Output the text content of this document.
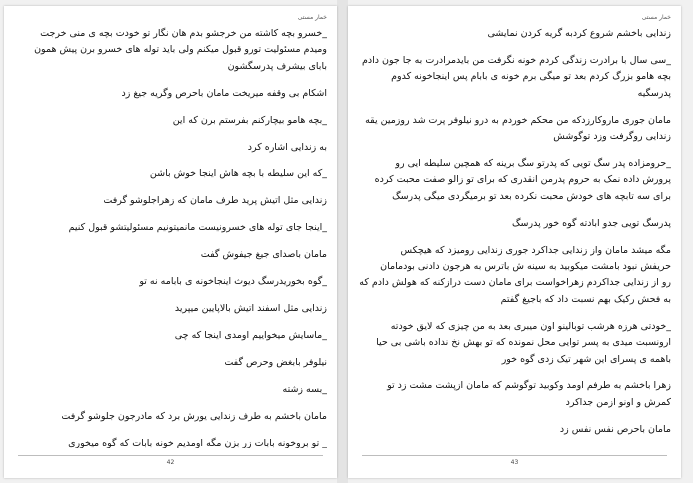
خمار مستی

_خسرو بچه کاشته من خرجشو بدم هان نگار تو خودت بچه ی منی خرجت
ومیدم مسئولیت تورو قبول میکنم ولی باید توله های خسرو برن پیش همون
بابای بیشرف پدرسگشون

اشکام بی وقفه میریخت مامان باحرص وگریه جیغ زد

_بچه هامو بیچارکنم بفرستم برن که این

به زندایی اشاره کرد

_که این سلیطه با بچه هاش اینجا خوش باشن

زندایی مثل اتیش پرید طرف مامان که زهراجلوشو گرفت

_اینجا جای توله های خسرونیست مانمیتونیم مسئولیتشو قبول کنیم

مامان باصدای جیغ جیفوش گفت

_گوه بخوریدرسگ دیوث اینجاخونه ی بابامه نه تو

زندایی مثل اسفند اتیش بالاپایین میپرید

_ماسایش میخواییم اومدی اینجا که چی

نیلوفر بابغض وحرص گفت

_بسه زشته

مامان باخشم به طرف زندایی یورش برد که مادرجون جلوشو گرفت

_ تو بروخونه بابات زر بزن مگه اومدیم خونه بابات که گوه میخوری

42
خمار مستی

زندایی باخشم شروع کردبه گریه کردن نمایشی

_سی سال با برادرت زندگی کردم خونه نگرفت من بایدمرادرت به جا جون دادم
بچه هامو بزرگ کردم بعد تو میگی برم خونه ی بابام پس اینجاخونه کدوم
پدرسگیه

مامان جوری ماروکارزدکه من محکم خوردم به درو نیلوفر پرت شد روزمین یقه
زندایی روگرفت وزد توگوشش

_حرومزاده پدر سگ تویی که پدرتو سگ برینه که همچین سلیطه ایی رو
پرورش داده نمک به حروم پدرمن انقدری که برای تو زالو صفت محبت کرده
برای سه تابچه های خودش محبت نکرده بعد تو برمیگردی میگی پدرسگ

پدرسگ تویی جدو ابادته گوه خور پدرسگ

مگه میشد مامان واز زندایی جداکرد جوری زندایی رومیزد که هیچکس
حریفش نبود بامشت میکوبید به سینه ش باترس به هرجون دادنی بودمامان
رو از زندایی جداکردم زهراخواست برای مامان دست درازکنه که هولش دادم که
به فحش رکیک بهم نسبت داد که باجیغ گفتم

_خودتی هرزه هرشب توبالینو اون میبری بعد به من چیزی که لایق خودته
ارونسبت میدی به پسر توایی محل نمونده که تو بهش نخ نداده باشی بی حیا
باهمه ی پسرای این شهر تیک زدی گوه خور

زهرا باخشم به طرفم اومد وکوبید توگوشم که مامان ازپشت مشت زد تو
کمرش و اونو ازمن جداکرد

مامان باحرص نفس نفس زد

43
